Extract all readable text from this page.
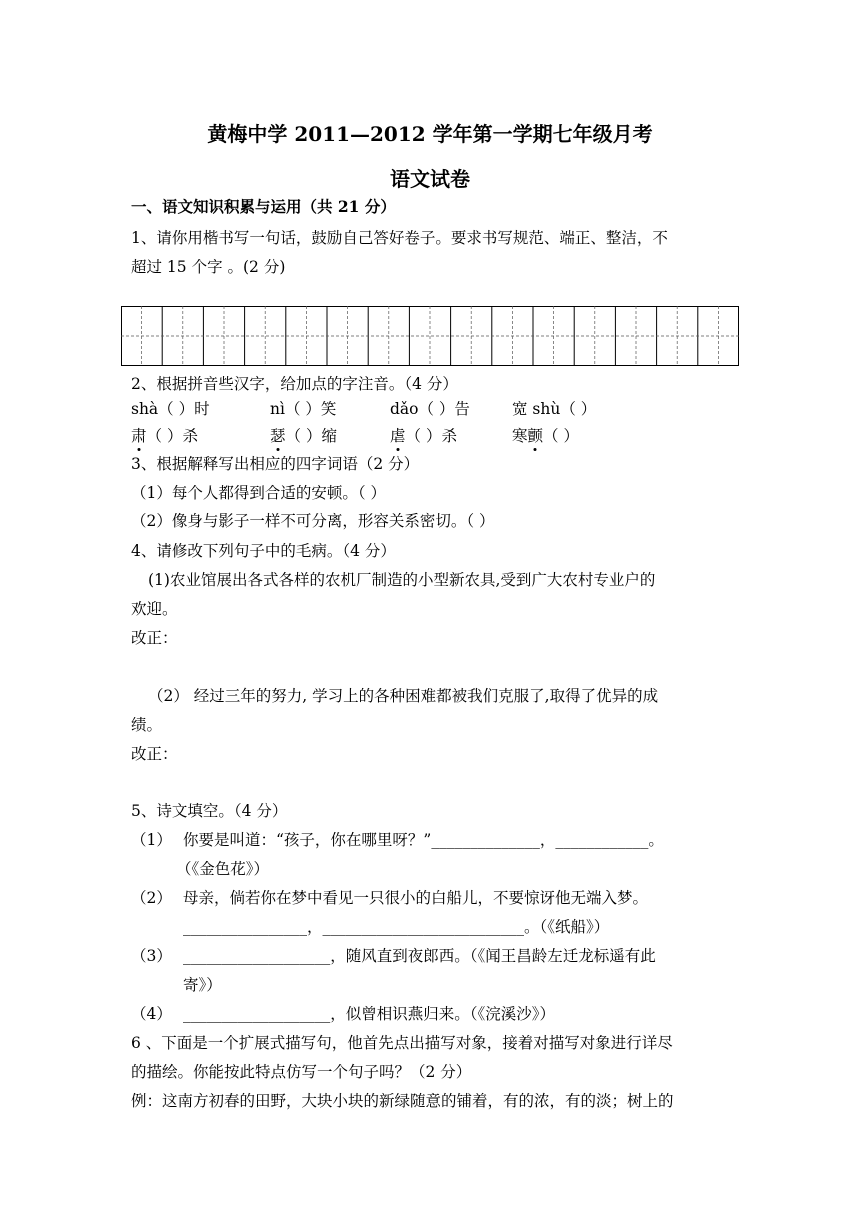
黄梅中学 2011—2012 学年第一学期七年级月考
语文试卷
一、语文知识积累与运用（共 21 分）
1、请你用楷书写一句话，鼓励自己答好卷子。要求书写规范、端正、整洁，不
超过 15 个字 。(2 分)
2、根据拼音些汉字，给加点的字注音。（4 分）
shà（ ）时	nì（ ）笑	dǎo（ ）告	宽 shù（ ）
肃（ ）杀	瑟（ ）缩	虐（ ）杀	寒颤（ ）
3、根据解释写出相应的四字词语（2 分）
（1）每个人都得到合适的安顿。（ ）
（2）像身与影子一样不可分离，形容关系密切。（ ）
4、请修改下列句子中的毛病。（4 分）
(1)农业馆展出各式各样的农机厂制造的小型新农具,受到广大农村专业户的
欢迎。
改正：
（2） 经过三年的努力, 学习上的各种困难都被我们克服了,取得了优异的成
绩。
改正：
5、诗文填空。（4 分）
（1） 你要是叫道：“孩子，你在哪里呀？”______________，____________。
（《金色花》）
（2） 母亲，倘若你在梦中看见一只很小的白船儿，不要惊讶他无端入梦。
________________，__________________________。（《纸船》）
（3） ___________________，随风直到夜郎西。（《闻王昌龄左迁龙标遥有此
寄》）
（4） ___________________，似曾相识燕归来。（《浣溪沙》）
6 、下面是一个扩展式描写句，他首先点出描写对象，接着对描写对象进行详尽
的描绘。你能按此特点仿写一个句子吗？（2 分）
例：这南方初春的田野，大块小块的新绿随意的铺着，有的浓，有的淡；树上的
